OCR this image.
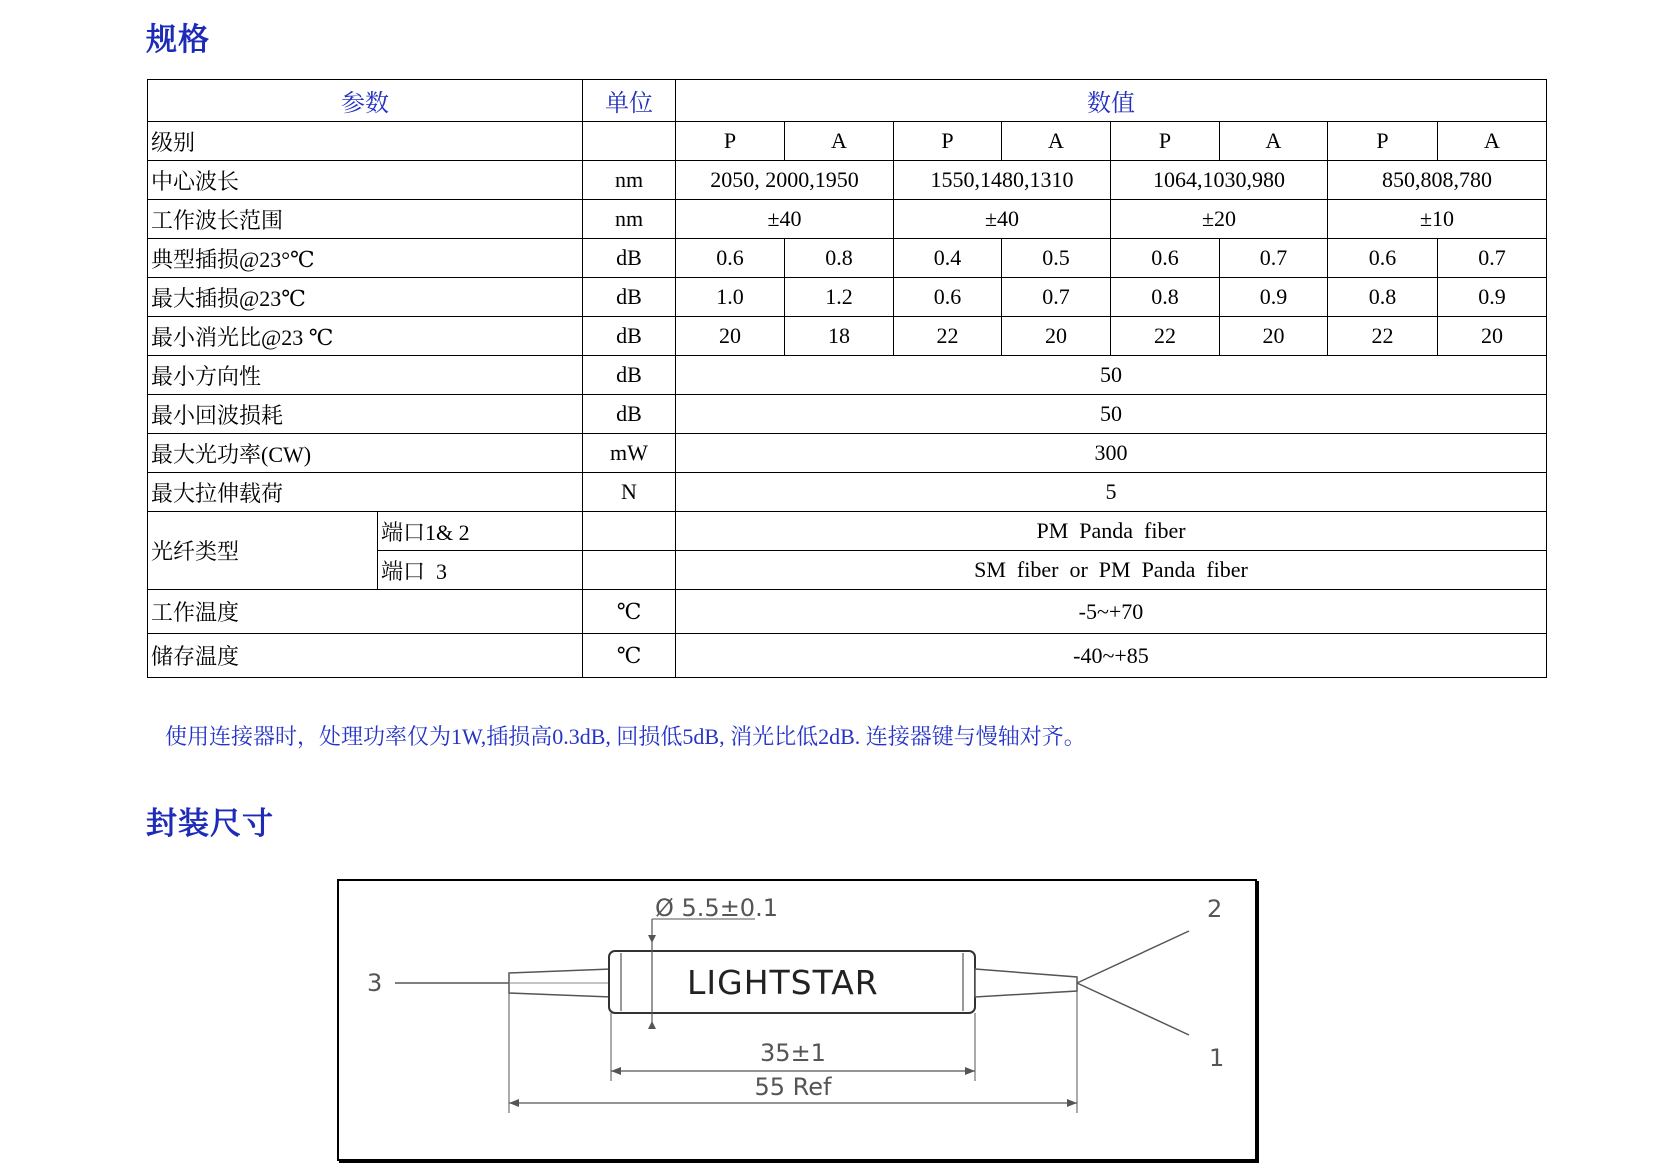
规格
参数		单位	数值							
级别			P	A	P	A	P	A	P	A
中心波长		nm	2050, 2000,1950		1550,1480,1310		1064,1030,980		850,808,780	
工作波长范围		nm	±40		±40		±20		±10	
典型插损@23°℃		dB	0.6	0.8	0.4	0.5	0.6	0.7	0.6	0.7
最大插损@23℃		dB	1.0	1.2	0.6	0.7	0.8	0.9	0.8	0.9
最小消光比@23 ℃		dB	20	18	22	20	22	20	22	20
最小方向性		dB	50							
最小回波损耗		dB	50							
最大光功率(CW)		mW	300							
最大拉伸载荷		N	5							
光纤类型	端口1& 2		PM  Panda  fiber							
	端口  3		SM  fiber  or  PM  Panda  fiber							
工作温度		℃	-5~+70							
储存温度		℃	-40~+85							
使用连接器时，处理功率仅为1W,插损高0.3dB, 回损低5dB, 消光比低2dB. 连接器键与慢轴对齐。
封装尺寸
Ø 5.5±0.1
LIGHTSTAR
35±1
55 Ref
3
2
1
